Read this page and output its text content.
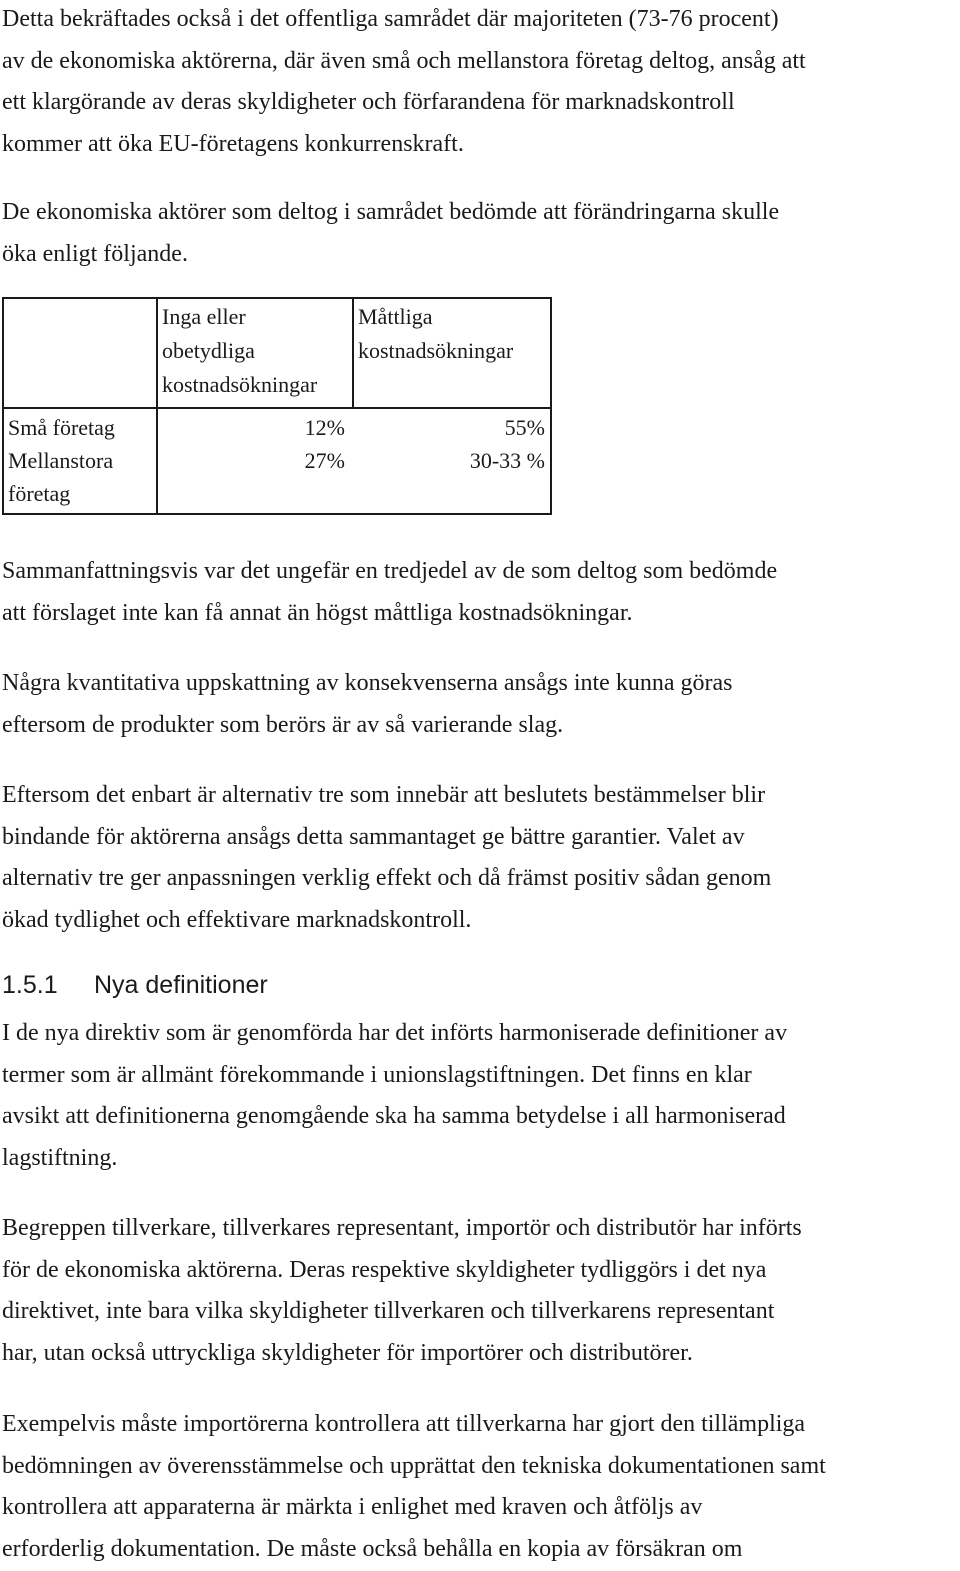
Detta bekräftades också i det offentliga samrådet där majoriteten (73-76 procent)
av de ekonomiska aktörerna, där även små och mellanstora företag deltog, ansåg att
ett klargörande av deras skyldigheter och förfarandena för marknadskontroll
kommer att öka EU-företagens konkurrenskraft.

De ekonomiska aktörer som deltog i samrådet bedömde att förändringarna skulle
öka enligt följande.

	Inga eller
obetydliga
kostnadsökningar	Måttliga
kostnadsökningar

Små företag	12%	55%

Mellanstora
företag	27%	30-33 %

Sammanfattningsvis var det ungefär en tredjedel av de som deltog som bedömde
att förslaget inte kan få annat än högst måttliga kostnadsökningar.

Några kvantitativa uppskattning av konsekvenserna ansågs inte kunna göras
eftersom de produkter som berörs är av så varierande slag.

Eftersom det enbart är alternativ tre som innebär att beslutets bestämmelser blir
bindande för aktörerna ansågs detta sammantaget ge bättre garantier. Valet av
alternativ tre ger anpassningen verklig effekt och då främst positiv sådan genom
ökad tydlighet och effektivare marknadskontroll.

1.5.1 Nya definitioner

I de nya direktiv som är genomförda har det införts harmoniserade definitioner av
termer som är allmänt förekommande i unionslagstiftningen. Det finns en klar
avsikt att definitionerna genomgående ska ha samma betydelse i all harmoniserad
lagstiftning.

Begreppen tillverkare, tillverkares representant, importör och distributör har införts
för de ekonomiska aktörerna. Deras respektive skyldigheter tydliggörs i det nya
direktivet, inte bara vilka skyldigheter tillverkaren och tillverkarens representant
har, utan också uttryckliga skyldigheter för importörer och distributörer.

Exempelvis måste importörerna kontrollera att tillverkarna har gjort den tillämpliga
bedömningen av överensstämmelse och upprättat den tekniska dokumentationen samt
kontrollera att apparaterna är märkta i enlighet med kraven och åtföljs av
erforderlig dokumentation. De måste också behålla en kopia av försäkran om
